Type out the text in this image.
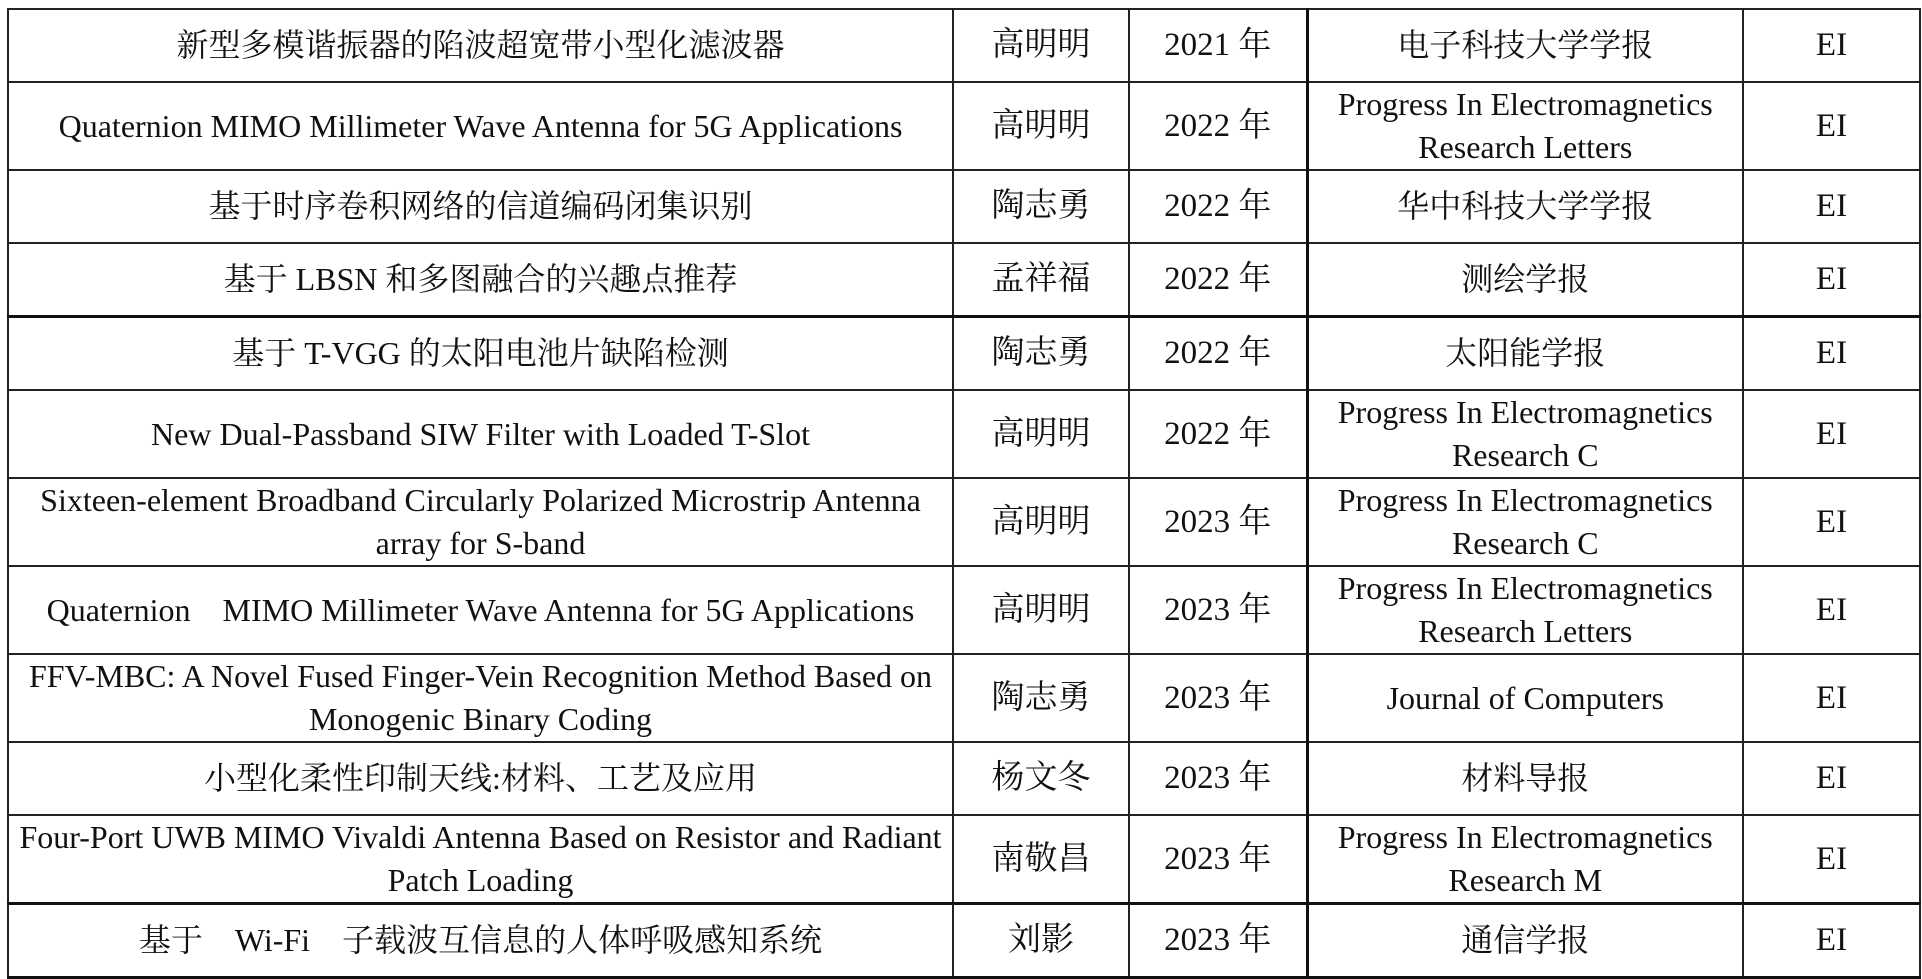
新型多模谐振器的陷波超宽带小型化滤波器	高明明	2021 年	电子科技大学学报	EI
Quaternion MIMO Millimeter Wave Antenna for 5G Applications	高明明	2022 年	Progress In Electromagnetics Research Letters	EI
基于时序卷积网络的信道编码闭集识别	陶志勇	2022 年	华中科技大学学报	EI
基于 LBSN 和多图融合的兴趣点推荐	孟祥福	2022 年	测绘学报	EI
基于 T-VGG 的太阳电池片缺陷检测	陶志勇	2022 年	太阳能学报	EI
New Dual-Passband SIW Filter with Loaded T-Slot	高明明	2022 年	Progress In Electromagnetics Research C	EI
Sixteen-element Broadband Circularly Polarized Microstrip Antenna array for S-band	高明明	2023 年	Progress In Electromagnetics Research C	EI
Quaternion　MIMO Millimeter Wave Antenna for 5G Applications	高明明	2023 年	Progress In Electromagnetics Research Letters	EI
FFV-MBC: A Novel Fused Finger-Vein Recognition Method Based on Monogenic Binary Coding	陶志勇	2023 年	Journal of Computers	EI
小型化柔性印制天线:材料、工艺及应用	杨文冬	2023 年	材料导报	EI
Four-Port UWB MIMO Vivaldi Antenna Based on Resistor and Radiant Patch Loading	南敬昌	2023 年	Progress In Electromagnetics Research M	EI
基于　Wi-Fi　子载波互信息的人体呼吸感知系统	刘影	2023 年	通信学报	EI
